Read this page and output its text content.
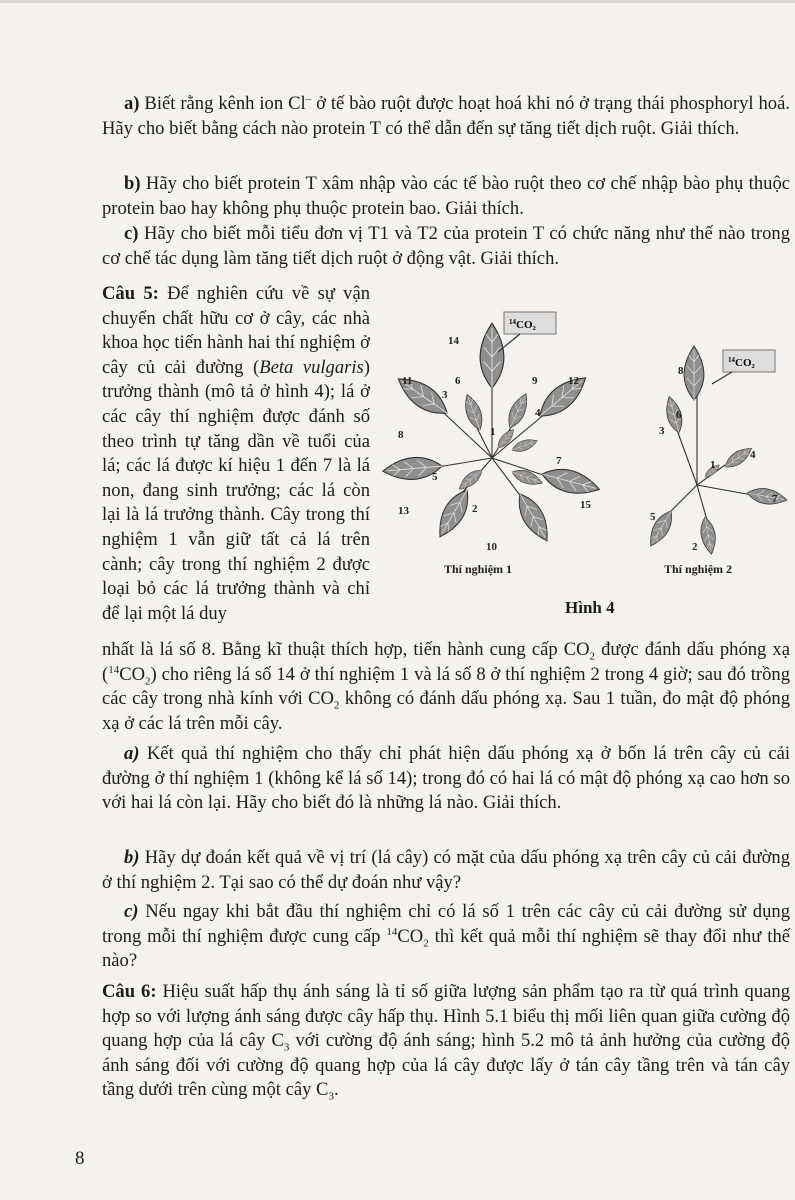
a) Biết rằng kênh ion Cl– ở tế bào ruột được hoạt hoá khi nó ở trạng thái phosphoryl hoá. Hãy cho biết bằng cách nào protein T có thể dẫn đến sự tăng tiết dịch ruột. Giải thích.

b) Hãy cho biết protein T xâm nhập vào các tế bào ruột theo cơ chế nhập bào phụ thuộc protein bao hay không phụ thuộc protein bao. Giải thích.

c) Hãy cho biết mỗi tiểu đơn vị T1 và T2 của protein T có chức năng như thế nào trong cơ chế tác dụng làm tăng tiết dịch ruột ở động vật. Giải thích.

Câu 5: Để nghiên cứu về sự vận chuyển chất hữu cơ ở cây, các nhà khoa học tiến hành hai thí nghiệm ở cây củ cải đường (Beta vulgaris) trưởng thành (mô tả ở hình 4); lá ở các cây thí nghiệm được đánh số theo trình tự tăng dần về tuổi của lá; các lá được kí hiệu 1 đến 7 là lá non, đang sinh trưởng; các lá còn lại là lá trưởng thành. Cây trong thí nghiệm 1 vẫn giữ tất cả lá trên cành; cây trong thí nghiệm 2 được loại bỏ các lá trưởng thành và chỉ để lại một lá duy

14
11	6
3
9	12
1
4
8
7
5
2
13	15
10
$^{14}$CO₂
8
6
3
1
4
7
5
2
$^{14}$CO₂
Thí nghiệm 1	Thí nghiệm 2
Hình 4

nhất là lá số 8. Bằng kĩ thuật thích hợp, tiến hành cung cấp $CO_2$ được đánh dấu phóng xạ $(^{14}CO_2)$ cho riêng lá số 14 ở thí nghiệm 1 và lá số 8 ở thí nghiệm 2 trong 4 giờ; sau đó trồng các cây trong nhà kính với $CO_2$ không có đánh dấu phóng xạ. Sau 1 tuần, đo mật độ phóng xạ ở các lá trên mỗi cây.

a) Kết quả thí nghiệm cho thấy chỉ phát hiện dấu phóng xạ ở bốn lá trên cây củ cải đường ở thí nghiệm 1 (không kể lá số 14); trong đó có hai lá có mật độ phóng xạ cao hơn so với hai lá còn lại. Hãy cho biết đó là những lá nào. Giải thích.

b) Hãy dự đoán kết quả về vị trí (lá cây) có mặt của dấu phóng xạ trên cây củ cải đường ở thí nghiệm 2. Tại sao có thể dự đoán như vậy?

c) Nếu ngay khi bắt đầu thí nghiệm chỉ có lá số 1 trên các cây củ cải đường sử dụng trong mỗi thí nghiệm được cung cấp $^{14}CO_2$ thì kết quả mỗi thí nghiệm sẽ thay đổi như thế nào?

Câu 6: Hiệu suất hấp thụ ánh sáng là tỉ số giữa lượng sản phẩm tạo ra từ quá trình quang hợp so với lượng ánh sáng được cây hấp thụ. Hình 5.1 biểu thị mối liên quan giữa cường độ quang hợp của lá cây $C_3$ với cường độ ánh sáng; hình 5.2 mô tả ảnh hưởng của cường độ ánh sáng đối với cường độ quang hợp của lá cây được lấy ở tán cây tầng trên và tán cây tầng dưới trên cùng một cây $C_3$.

8
